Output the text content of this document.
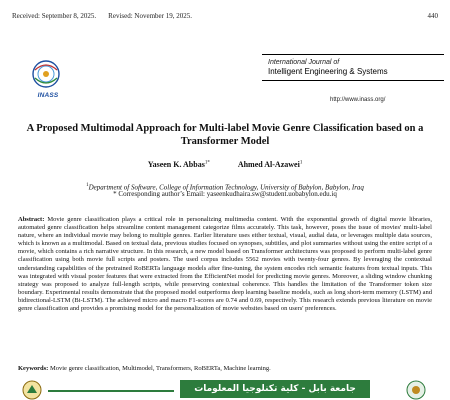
Received: September 8, 2025. Revised: November 19, 2025.	440
INASS
International Journal of
Intelligent Engineering & Systems
http://www.inass.org/
A Proposed Multimodal Approach for Multi-label Movie Genre Classification based on a Transformer Model
Yaseen K. Abbas$^{1*}$	Ahmed Al-Azawei$^1$
$^1$Department of Software, College of Information Technology, University of Babylon, Babylon, Iraq
* Corresponding author’s Email: yaseenkudhaira.sw@student.uobabylon.edu.iq
Abstract: Movie genre classification plays a critical role in personalizing multimedia content. With the exponential growth of digital movie libraries, automated genre classification helps streamline content management categorize films accurately. This task, however, poses the issue of movies' multi-label nature, where an individual movie may belong to multiple genres. Earlier literature uses either textual, visual, audial data, or leverages multiple data sources, which is known as a multimodal. Based on textual data, previous studies focused on synopses, subtitles, and plot summaries without using the entire script of a movie, which contains a rich narrative structure. In this research, a new model based on Transformer architectures was proposed to perform multi-label genre classification using both movie full scripts and posters. The used corpus includes 5562 movies with twenty-four genres. By leveraging the contextual understanding capabilities of the pretrained RoBERTa language models after fine-tuning, the system encodes rich semantic features from textual inputs. This was integrated with visual poster features that were extracted from the EfficientNet model for predicting movie genres. Moreover, a sliding window chunking strategy was proposed to analyze full-length scripts, while preserving contextual coherence. This handles the limitation of the Transformer token size boundary. Experimental results demonstrate that the proposed model outperforms deep learning baseline models, such as long short-term memory (LSTM) and bidirectional-LSTM (Bi-LSTM). The achieved micro and macro F1-scores are 0.74 and 0.69, respectively. This research extends previous literature on movie genre classification and provides a promising model for the personalization of movie websites based on users' preferences.
Keywords: Movie genre classification, Multimodel, Transformers, RoBERTa, Machine learning.
جامعة بابل - كلية تكنلوجيا المعلومات
